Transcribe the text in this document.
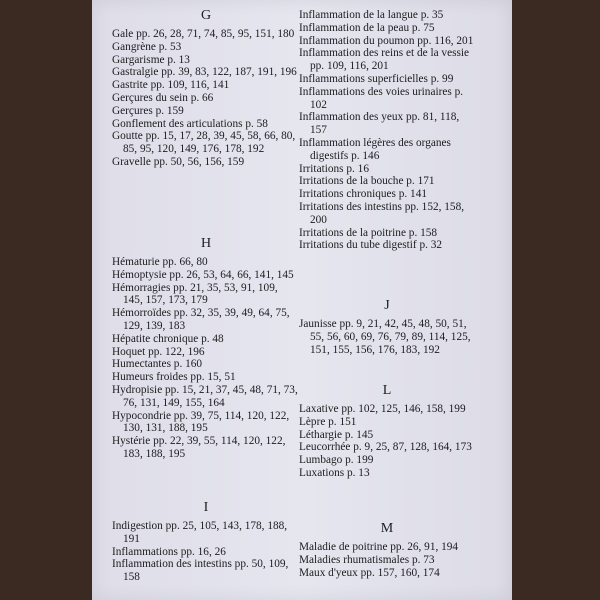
G
Gale pp. 26, 28, 71, 74, 85, 95, 151, 180
Gangrène p. 53
Gargarisme p. 13
Gastralgie pp. 39, 83, 122, 187, 191, 196
Gastrite pp. 109, 116, 141
Gerçures du sein p. 66
Gerçures p. 159
Gonflement des articulations p. 58
Goutte pp. 15, 17, 28, 39, 45, 58, 66, 80, 85, 95, 120, 149, 176, 178, 192
Gravelle pp. 50, 56, 156, 159
H
Hématurie pp. 66, 80
Hémoptysie pp. 26, 53, 64, 66, 141, 145
Hémorragies pp. 21, 35, 53, 91, 109, 145, 157, 173, 179
Hémorroïdes pp. 32, 35, 39, 49, 64, 75, 129, 139, 183
Hépatite chronique p. 48
Hoquet pp. 122, 196
Humectantes p. 160
Humeurs froides pp. 15, 51
Hydropisie pp. 15, 21, 37, 45, 48, 71, 73, 76, 131, 149, 155, 164
Hypocondrie pp. 39, 75, 114, 120, 122, 130, 131, 188, 195
Hystérie pp. 22, 39, 55, 114, 120, 122, 183, 188, 195
I
Indigestion pp. 25, 105, 143, 178, 188, 191
Inflammations pp. 16, 26
Inflammation des intestins pp. 50, 109, 158
Inflammation de la langue p. 35
Inflammation de la peau p. 75
Inflammation du poumon pp. 116, 201
Inflammation des reins et de la vessie pp. 109, 116, 201
Inflammations superficielles p. 99
Inflammations des voies urinaires p. 102
Inflammation des yeux pp. 81, 118, 157
Inflammation légères des organes digestifs p. 146
Irritations p. 16
Irritations de la bouche p. 171
Irritations chroniques p. 141
Irritations des intestins pp. 152, 158, 200
Irritations de la poitrine p. 158
Irritations du tube digestif p. 32
J
Jaunisse pp. 9, 21, 42, 45, 48, 50, 51, 55, 56, 60, 69, 76, 79, 89, 114, 125, 151, 155, 156, 176, 183, 192
L
Laxative pp. 102, 125, 146, 158, 199
Lèpre p. 151
Léthargie p. 145
Leucorrhée p. 9, 25, 87, 128, 164, 173
Lumbago p. 199
Luxations p. 13
M
Maladie de poitrine pp. 26, 91, 194
Maladies rhumatismales p. 73
Maux d'yeux pp. 157, 160, 174
